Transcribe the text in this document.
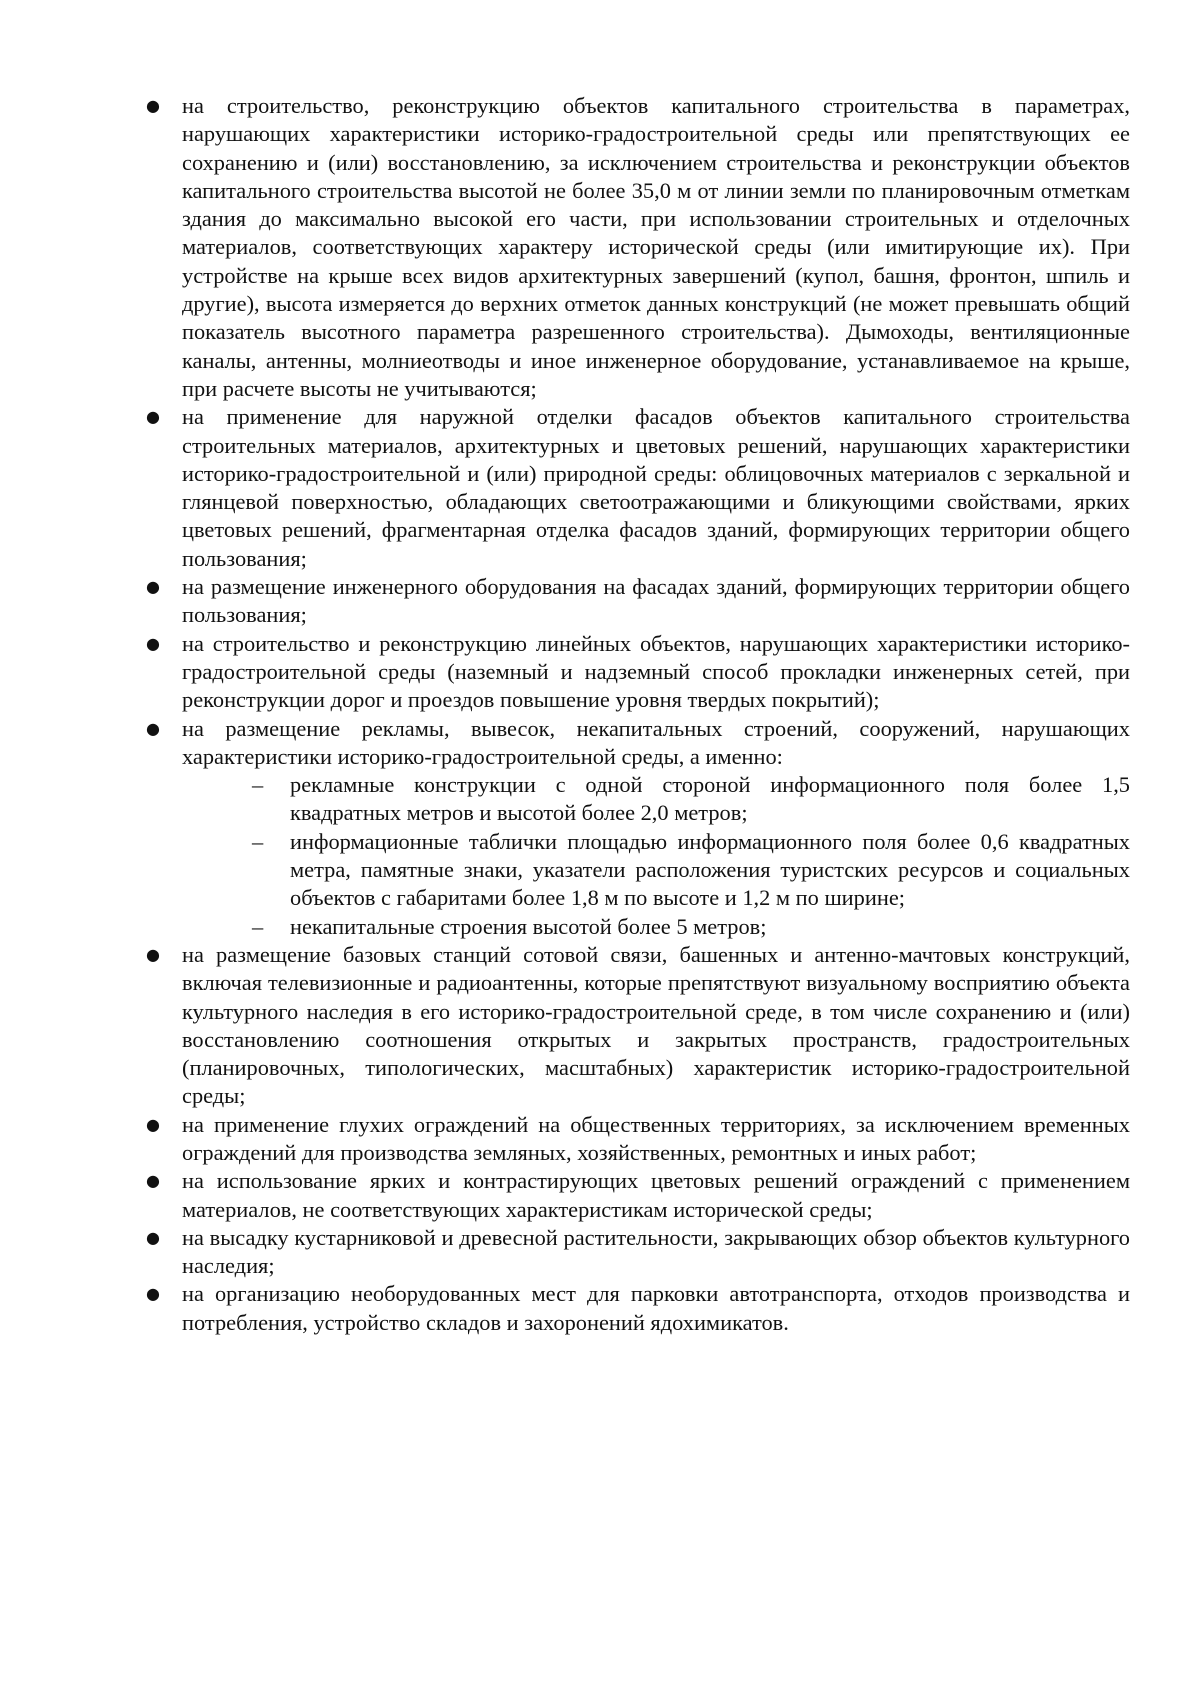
● на строительство, реконструкцию объектов капитального строительства в параметрах, нарушающих характеристики историко-градостроительной среды или препятствующих ее сохранению и (или) восстановлению, за исключением строительства и реконструкции объектов капитального строительства высотой не более 35,0 м от линии земли по планировочным отметкам здания до максимально высокой его части, при использовании строительных и отделочных материалов, соответствующих характеру исторической среды (или имитирующие их). При устройстве на крыше всех видов архитектурных завершений (купол, башня, фронтон, шпиль и другие), высота измеряется до верхних отметок данных конструкций (не может превышать общий показатель высотного параметра разрешенного строительства). Дымоходы, вентиляционные каналы, антенны, молниеотводы и иное инженерное оборудование, устанавливаемое на крыше, при расчете высоты не учитываются;
● на применение для наружной отделки фасадов объектов капитального строительства строительных материалов, архитектурных и цветовых решений, нарушающих характеристики историко-градостроительной и (или) природной среды: облицовочных материалов с зеркальной и глянцевой поверхностью, обладающих светоотражающими и бликующими свойствами, ярких цветовых решений, фрагментарная отделка фасадов зданий, формирующих территории общего пользования;
● на размещение инженерного оборудования на фасадах зданий, формирующих территории общего пользования;
● на строительство и реконструкцию линейных объектов, нарушающих характеристики историко-градостроительной среды (наземный и надземный способ прокладки инженерных сетей, при реконструкции дорог и проездов повышение уровня твердых покрытий);
● на размещение рекламы, вывесок, некапитальных строений, сооружений, нарушающих характеристики историко-градостроительной среды, а именно:
– рекламные конструкции с одной стороной информационного поля более 1,5 квадратных метров и высотой более 2,0 метров;
– информационные таблички площадью информационного поля более 0,6 квадратных метра, памятные знаки, указатели расположения туристских ресурсов и социальных объектов с габаритами более 1,8 м по высоте и 1,2 м по ширине;
– некапитальные строения высотой более 5 метров;
● на размещение базовых станций сотовой связи, башенных и антенно-мачтовых конструкций, включая телевизионные и радиоантенны, которые препятствуют визуальному восприятию объекта культурного наследия в его историко-градостроительной среде, в том числе сохранению и (или) восстановлению соотношения открытых и закрытых пространств, градостроительных (планировочных, типологических, масштабных) характеристик историко-градостроительной среды;
● на применение глухих ограждений на общественных территориях, за исключением временных ограждений для производства земляных, хозяйственных, ремонтных и иных работ;
● на использование ярких и контрастирующих цветовых решений ограждений с применением материалов, не соответствующих характеристикам исторической среды;
● на высадку кустарниковой и древесной растительности, закрывающих обзор объектов культурного наследия;
● на организацию необорудованных мест для парковки автотранспорта, отходов производства и потребления, устройство складов и захоронений ядохимикатов.
